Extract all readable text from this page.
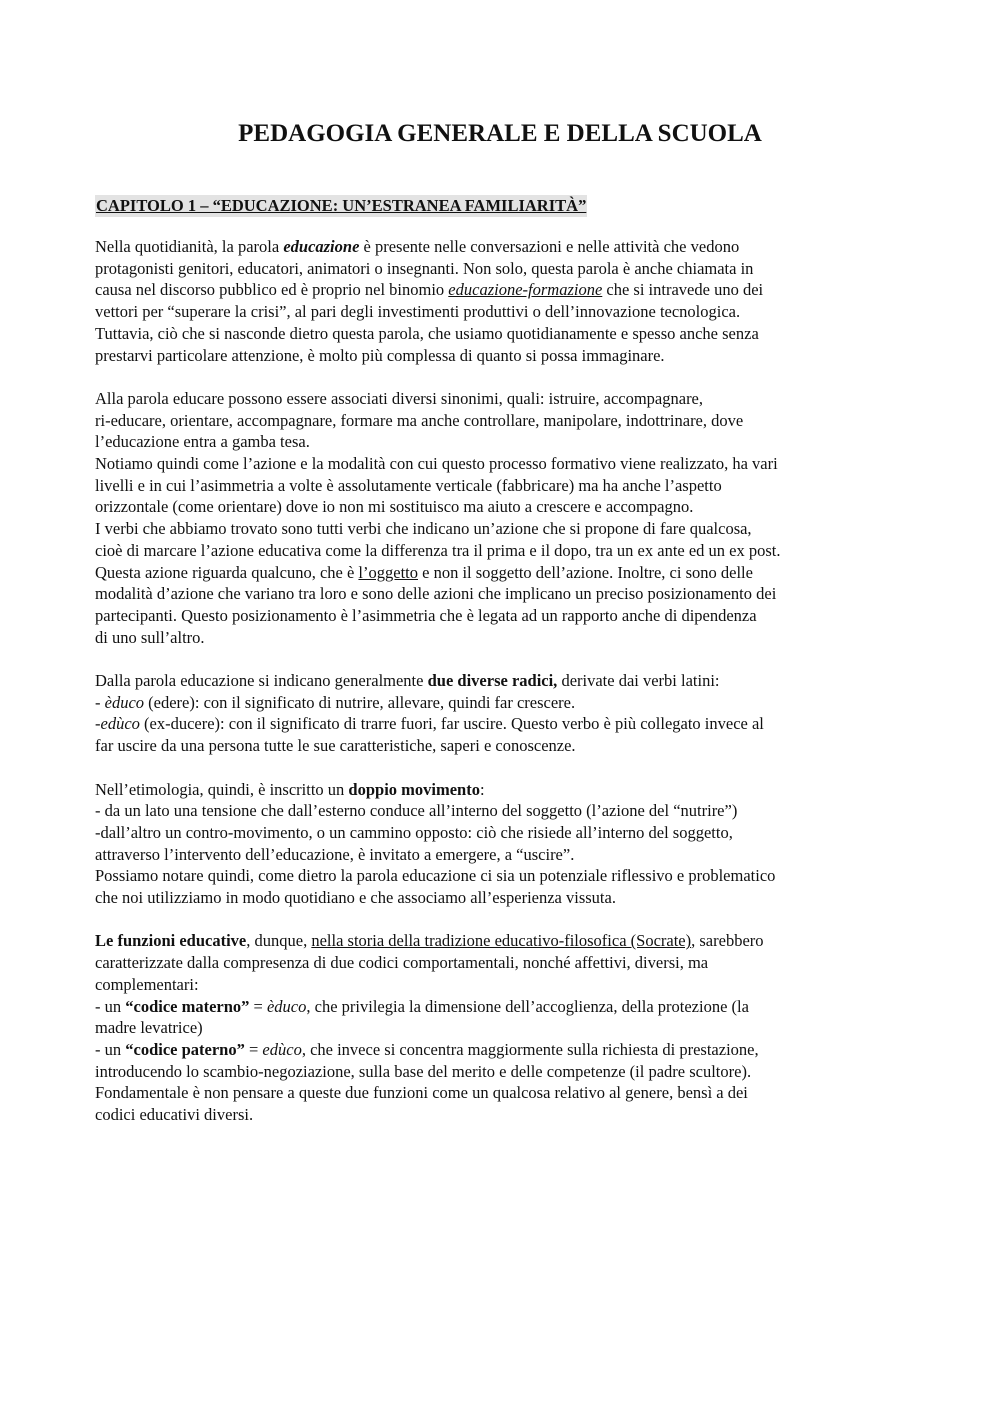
PEDAGOGIA GENERALE E DELLA SCUOLA
CAPITOLO 1 – “EDUCAZIONE: UN’ESTRANEA FAMILIARITÀ”

Nella quotidianità, la parola educazione è presente nelle conversazioni e nelle attività che vedono
protagonisti genitori, educatori, animatori o insegnanti. Non solo, questa parola è anche chiamata in
causa nel discorso pubblico ed è proprio nel binomio educazione-formazione che si intravede uno dei
vettori per “superare la crisi”, al pari degli investimenti produttivi o dell’innovazione tecnologica.
Tuttavia, ciò che si nasconde dietro questa parola, che usiamo quotidianamente e spesso anche senza
prestarvi particolare attenzione, è molto più complessa di quanto si possa immaginare.

Alla parola educare possono essere associati diversi sinonimi, quali: istruire, accompagnare,
ri-educare, orientare, accompagnare, formare ma anche controllare, manipolare, indottrinare, dove
l’educazione entra a gamba tesa.
Notiamo quindi come l’azione e la modalità con cui questo processo formativo viene realizzato, ha vari
livelli e in cui l’asimmetria a volte è assolutamente verticale (fabbricare) ma ha anche l’aspetto
orizzontale (come orientare) dove io non mi sostituisco ma aiuto a crescere e accompagno.
I verbi che abbiamo trovato sono tutti verbi che indicano un’azione che si propone di fare qualcosa,
cioè di marcare l’azione educativa come la differenza tra il prima e il dopo, tra un ex ante ed un ex post.
Questa azione riguarda qualcuno, che è l’oggetto e non il soggetto dell’azione. Inoltre, ci sono delle
modalità d’azione che variano tra loro e sono delle azioni che implicano un preciso posizionamento dei
partecipanti. Questo posizionamento è l’asimmetria che è legata ad un rapporto anche di dipendenza
di uno sull’altro.

Dalla parola educazione si indicano generalmente due diverse radici, derivate dai verbi latini:
- èduco (edere): con il significato di nutrire, allevare, quindi far crescere.
-edùco (ex-ducere): con il significato di trarre fuori, far uscire. Questo verbo è più collegato invece al
far uscire da una persona tutte le sue caratteristiche, saperi e conoscenze.

Nell’etimologia, quindi, è inscritto un doppio movimento:
- da un lato una tensione che dall’esterno conduce all’interno del soggetto (l’azione del “nutrire”)
-dall’altro un contro-movimento, o un cammino opposto: ciò che risiede all’interno del soggetto,
attraverso l’intervento dell’educazione, è invitato a emergere, a “uscire”.
Possiamo notare quindi, come dietro la parola educazione ci sia un potenziale riflessivo e problematico
che noi utilizziamo in modo quotidiano e che associamo all’esperienza vissuta.

Le funzioni educative, dunque, nella storia della tradizione educativo-filosofica (Socrate), sarebbero
caratterizzate dalla compresenza di due codici comportamentali, nonché affettivi, diversi, ma
complementari:
- un “codice materno” = èduco, che privilegia la dimensione dell’accoglienza, della protezione (la
madre levatrice)
- un “codice paterno” = edùco, che invece si concentra maggiormente sulla richiesta di prestazione,
introducendo lo scambio-negoziazione, sulla base del merito e delle competenze (il padre scultore).
Fondamentale è non pensare a queste due funzioni come un qualcosa relativo al genere, bensì a dei
codici educativi diversi.
